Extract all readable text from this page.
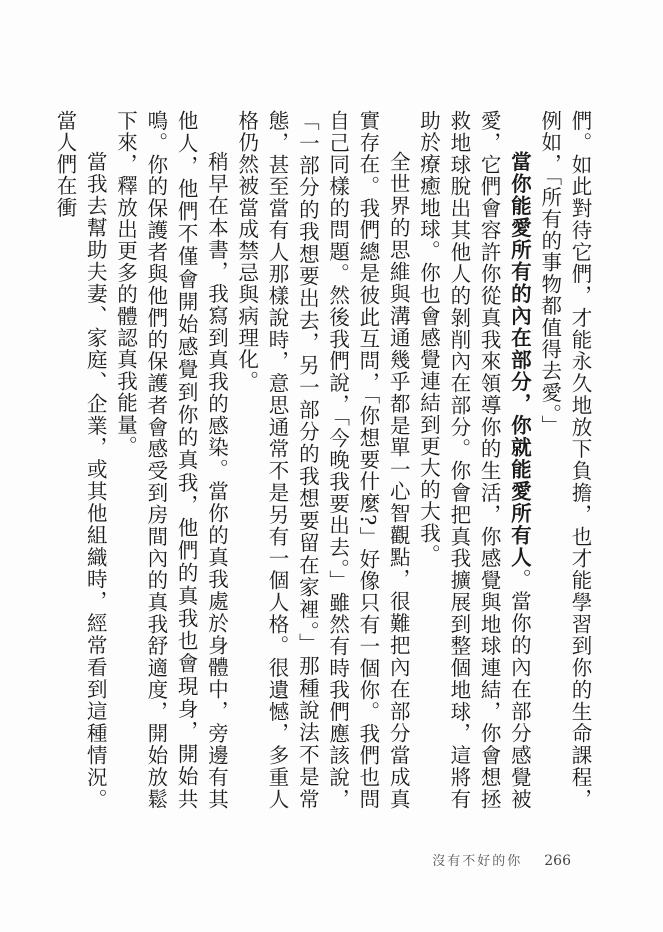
們。如此對待它們，才能永久地放下負擔，也才能學習到你的生命課程，例如，「所有的事物都值得去愛。」

當你能愛所有的內在部分，你就能愛所有人。當你的內在部分感覺被愛，它們會容許你從真我來領導你的生活，你感覺與地球連結，你會想拯救地球脫出其他人的剝削內在部分。你會把真我擴展到整個地球，這將有助於療癒地球。你也會感覺連結到更大的大我。

全世界的思維與溝通幾乎都是單一心智觀點，很難把內在部分當成真實存在。我們總是彼此互問，「你想要什麼?」好像只有一個你。我們也問自己同樣的問題。然後我們說，「今晚我要出去。」雖然有時我們應該說，「一部分的我想要出去，另一部分的我想要留在家裡。」那種說法不是常態，甚至當有人那樣說時，意思通常不是另有一個人格。很遺憾，多重人格仍然被當成禁忌與病理化。

稍早在本書，我寫到真我的感染。當你的真我處於身體中，旁邊有其他人，他們不僅會開始感覺到你的真我，他們的真我也會現身，開始共鳴。你的保護者與他們的保護者會感受到房間內的真我舒適度，開始放鬆下來，釋放出更多的體認真我能量。

當我去幫助夫妻、家庭、企業，或其他組織時，經常看到這種情況。當人們在衝

沒有不好的你 266
